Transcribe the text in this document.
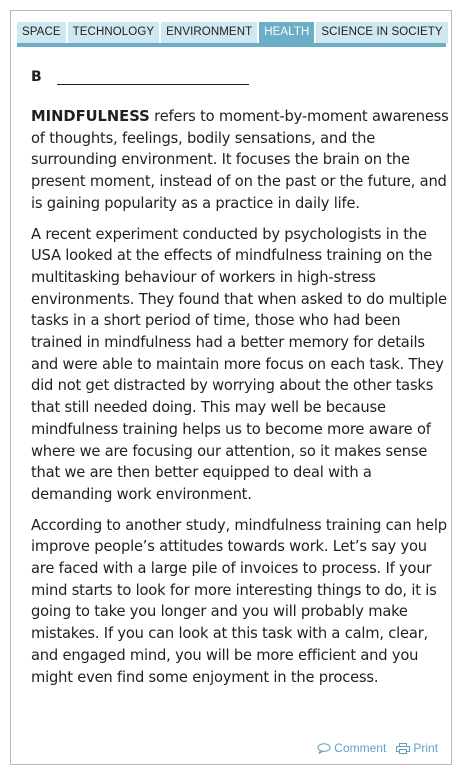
SPACE	TECHNOLOGY	ENVIRONMENT	HEALTH	SCIENCE IN SOCIETY
B

MINDFULNESS refers to moment-by-moment awareness of thoughts, feelings, bodily sensations, and the surrounding environment. It focuses the brain on the present moment, instead of on the past or the future, and is gaining popularity as a practice in daily life.

A recent experiment conducted by psychologists in the USA looked at the effects of mindfulness training on the multitasking behaviour of workers in high-stress environments. They found that when asked to do multiple tasks in a short period of time, those who had been trained in mindfulness had a better memory for details and were able to maintain more focus on each task. They did not get distracted by worrying about the other tasks that still needed doing. This may well be because mindfulness training helps us to become more aware of where we are focusing our attention, so it makes sense that we are then better equipped to deal with a demanding work environment.

According to another study, mindfulness training can help improve people’s attitudes towards work. Let’s say you are faced with a large pile of invoices to process. If your mind starts to look for more interesting things to do, it is going to take you longer and you will probably make mistakes. If you can look at this task with a calm, clear, and engaged mind, you will be more efficient and you might even find some enjoyment in the process.

Comment Print
